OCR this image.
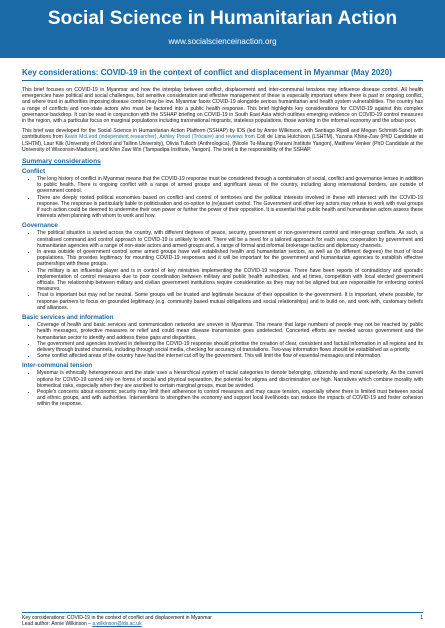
Social Science in Humanitarian Action
www.socialscienceinaction.org
Key considerations: COVID-19 in the context of conflict and displacement in Myanmar (May 2020)

This brief focuses on COVID-19 in Myanmar and how the interplay between conflict, displacement and inter-communal tensions may influence disease control. All health emergencies have political and social challenges, but sensitive consideration and effective management of these is especially important where there is past or ongoing conflict, and where trust in authorities imposing disease control may be low. Myanmar faces COVID-19 alongside serious humanitarian and health system vulnerabilities. The country has a range of conflicts and non-state actors who must be factored into a public health response. This brief highlights key considerations for COVID-19 against this complex governance backdrop. It can be read in conjunction with the SSHAP briefing on COVID-19 in South East Asia which outlines emerging evidence on COVID-19 control measures in the region, with a particular focus on marginal populations including transnational migrants, stateless populations, those working in the informal economy and the urban poor.

This brief was developed for the Social Science in Humanitarian Action Platform (SSHAP) by IDS (led by Annie Wilkinson, with Santiago Ripoll and Megan Schmidt-Sane) with contributions from Kevin McLeod (independent researcher), Ashley Proud (Trócaire) and reviews from Coll de Lima Hutchison (LSHTM), Yuzana Khine-Zaw (PhD Candidate at LSHTM), Laur Kiik (University of Oxford and Tallinn University), Olivia Tulloch (Anthrologica), (Nicole Tu-Maung (Parami Institute Yangon), Matthew Venker (PhD Candidate at the University of Wisconsin-Madison), and Khin Zaw Win (Tampadipa Institute, Yangon). The brief is the responsibility of the SSHAP.

Summary considerations
Conflict
• The long history of conflict in Myanmar means that the COVID-19 response must be considered through a combination of social, conflict and governance lenses in addition to public health. There is ongoing conflict with a range of armed groups and significant areas of the country, including along international borders, are outside of government control.
• There are deeply rooted political economies based on conflict and control of territories and the political interests involved in these will intersect with the COVID-19 response. The response is particularly liable to politicisation and co-option to (re)assert control. The Government and other key actors may refuse to work with rival groups if such action could be deemed to undermine their own power or further the power of their opposition. It is essential that public health and humanitarian actors assess these interests when planning with whom to work and how.
Governance
• The political situation is varied across the country, with different degrees of peace, security, government or non-government control and inter-group conflicts. As such, a centralised command and control approach to COVID-19 is unlikely to work. There will be a need for a tailored approach for each area; cooperation by government and humanitarian agencies with a range of non-state actors and armed groups and, a range of formal and informal brokerage tactics and diplomacy channels.
• In areas outside of government control some armed groups have well established health and humanitarian sectors, as well as (to different degrees) the trust of local populations. This provides legitimacy for mounting COVID-19 responses and it will be important for the government and humanitarian agencies to establish effective partnerships with these groups.
• The military is an influential player and is in control of key ministries implementing the COVID-19 response. There have been reports of contradictory and sporadic implementation of control measures due to poor coordination between military and public health authorities, and at times, competition with local elected government officials. The relationship between military and civilian government institutions require consideration as they may not be aligned but are responsible for enforcing control measures.
• Trust is important but may not be neutral. Some groups will be trusted and legitimate because of their opposition to the government. It is important, where possible, for response partners to focus on grounded legitimacy (e.g. community based mutual obligations and social relationships) and to build on, and work with, customary beliefs and alliances.
Basic services and information
• Coverage of health and basic services and communication networks are uneven in Myanmar. This means that large numbers of people may not be reached by public health messages, protective measures or relief and could mean disease transmission goes undetected. Concerted efforts are needed across government and the humanitarian sector to identify and address these gaps and disparities.
• The government and agencies involved in delivering the COVID-19 response should prioritise the creation of clear, consistent and factual information in all regions and its delivery through trusted channels, including through social media, checking for accuracy of translations. Two-way information flows should be established as a priority.
• Some conflict affected areas of the country have had the internet cut off by the government. This will limit the flow of essential messages and information.
Inter-communal tension
• Myanmar is ethnically heterogeneous and the state uses a hierarchical system of racial categories to denote belonging, citizenship and moral superiority. As the current options for COVID-19 control rely on forms of social and physical separation, the potential for stigma and discrimination are high. Narratives which combine morality with biomedical risks, especially when they are ascribed to certain marginal groups, must be avoided.
• People's concerns about economic security may limit their adherence to control measures and may cause tension, especially where there is limited trust between social and ethnic groups, and with authorities. Interventions to strengthen the economy and support local livelihoods can reduce the impacts of COVID-19 and foster cohesion within the response.
Key considerations: COVID-19 in the context of conflict and displacement in Myanmar
Lead author: Annie Wilkinson – a.wilkinson@ids.ac.uk
1
